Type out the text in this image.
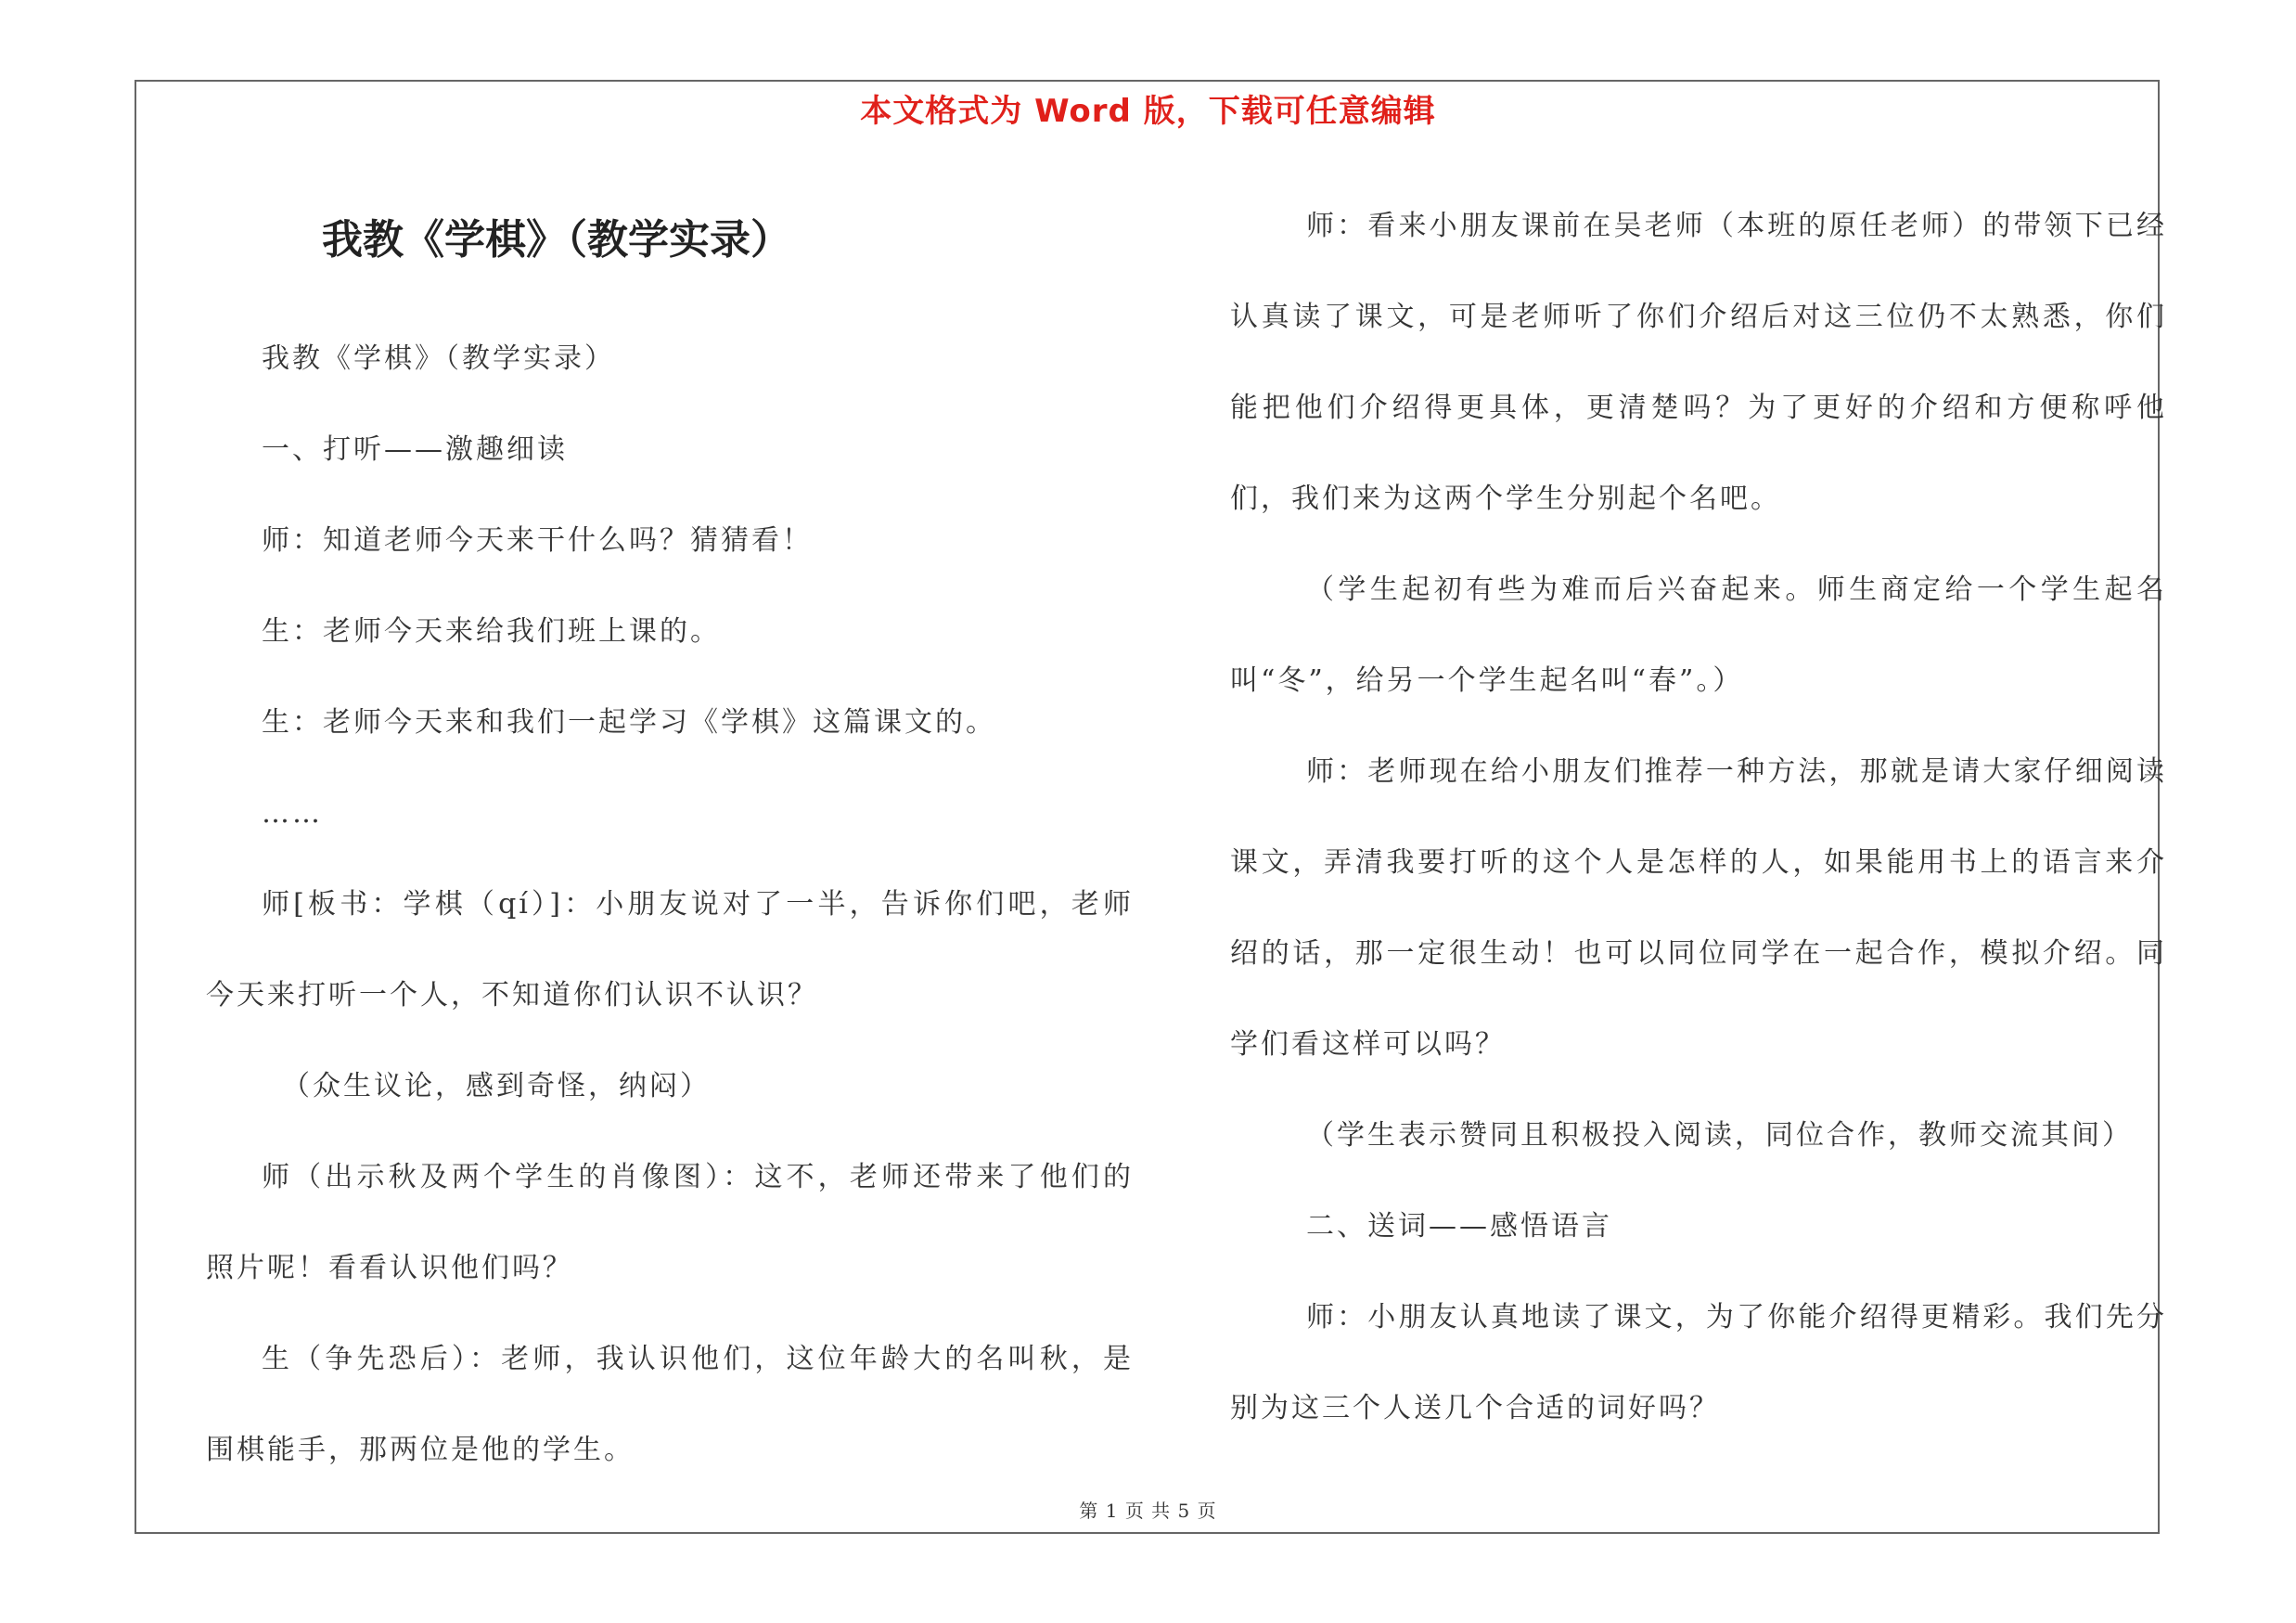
本文格式为 Word 版，下载可任意编辑
我教《学棋》（教学实录）

我教《学棋》（教学实录）

一、打听——激趣细读

师：知道老师今天来干什么吗？猜猜看！

生：老师今天来给我们班上课的。

生：老师今天来和我们一起学习《学棋》这篇课文的。

……

师[板书：学棋（qí）]：小朋友说对了一半，告诉你们吧，老师今天来打听一个人，不知道你们认识不认识？

（众生议论，感到奇怪，纳闷）

师（出示秋及两个学生的肖像图）：这不，老师还带来了他们的照片呢！看看认识他们吗？

生（争先恐后）：老师，我认识他们，这位年龄大的名叫秋，是围棋能手，那两位是他的学生。

师：看来小朋友课前在吴老师（本班的原任老师）的带领下已经认真读了课文，可是老师听了你们介绍后对这三位仍不太熟悉，你们能把他们介绍得更具体，更清楚吗？为了更好的介绍和方便称呼他们，我们来为这两个学生分别起个名吧。

（学生起初有些为难而后兴奋起来。师生商定给一个学生起名叫“冬”，给另一个学生起名叫“春”。）

师：老师现在给小朋友们推荐一种方法，那就是请大家仔细阅读课文，弄清我要打听的这个人是怎样的人，如果能用书上的语言来介绍的话，那一定很生动！也可以同位同学在一起合作，模拟介绍。同学们看这样可以吗？

（学生表示赞同且积极投入阅读，同位合作，教师交流其间）

二、送词——感悟语言

师：小朋友认真地读了课文，为了你能介绍得更精彩。我们先分别为这三个人送几个合适的词好吗？

第 1 页 共 5 页
